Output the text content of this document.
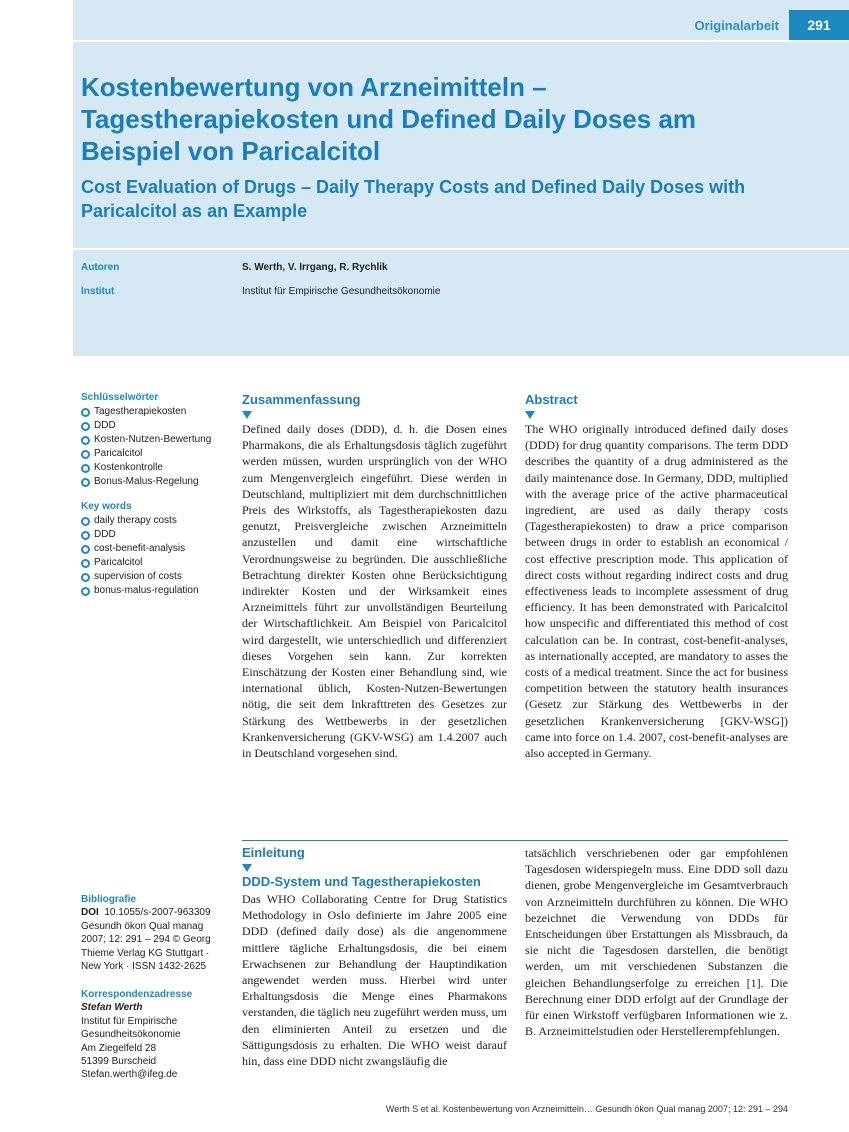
Originalarbeit	291
Kostenbewertung von Arzneimitteln – Tagestherapiekosten und Defined Daily Doses am Beispiel von Paricalcitol
Cost Evaluation of Drugs – Daily Therapy Costs and Defined Daily Doses with Paricalcitol as an Example
Autoren	S. Werth, V. Irrgang, R. Rychlik
Institut	Institut für Empirische Gesundheitsökonomie

Schlüsselwörter

Tagestherapiekosten
DDD
Kosten-Nutzen-Bewertung
Paricalcitol
Kostenkontrolle
Bonus-Malus-Regelung

Key words

daily therapy costs
DDD
cost-benefit-analysis
Paricalcitol
supervision of costs
bonus-malus-regulation
Zusammenfassung

Defined daily doses (DDD), d. h. die Dosen eines Pharmakons, die als Erhaltungsdosis täglich zugeführt werden müssen, wurden ursprünglich von der WHO zum Mengenvergleich eingeführt. Diese werden in Deutschland, multipliziert mit dem durchschnittlichen Preis des Wirkstoffs, als Tagestherapiekosten dazu genutzt, Preisvergleiche zwischen Arzneimitteln anzustellen und damit eine wirtschaftliche Verordnungsweise zu begründen. Die ausschließliche Betrachtung direkter Kosten ohne Berücksichtigung indirekter Kosten und der Wirksamkeit eines Arzneimittels führt zur unvollständigen Beurteilung der Wirtschaftlichkeit. Am Beispiel von Paricalcitol wird dargestellt, wie unterschiedlich und differenziert dieses Vorgehen sein kann. Zur korrekten Einschätzung der Kosten einer Behandlung sind, wie international üblich, Kosten-Nutzen-Bewertungen nötig, die seit dem Inkrafttreten des Gesetzes zur Stärkung des Wettbewerbs in der gesetzlichen Krankenversicherung (GKV-WSG) am 1.4.2007 auch in Deutschland vorgesehen sind.

Abstract

The WHO originally introduced defined daily doses (DDD) for drug quantity comparisons. The term DDD describes the quantity of a drug administered as the daily maintenance dose. In Germany, DDD, multiplied with the average price of the active pharmaceutical ingredient, are used as daily therapy costs (Tagestherapiekosten) to draw a price comparison between drugs in order to establish an economical / cost effective prescription mode. This application of direct costs without regarding indirect costs and drug effectiveness leads to incomplete assessment of drug efficiency. It has been demonstrated with Paricalcitol how unspecific and differentiated this method of cost calculation can be. In contrast, cost-benefit-analyses, as internationally accepted, are mandatory to asses the costs of a medical treatment. Since the act for business competition between the statutory health insurances (Gesetz zur Stärkung des Wettbewerbs in der gesetzlichen Krankenversicherung [GKV-WSG]) came into force on 1.4. 2007, cost-benefit-analyses are also accepted in Germany.

Einleitung
DDD-System und Tagestherapiekosten

Das WHO Collaborating Centre for Drug Statistics Methodology in Oslo definierte im Jahre 2005 eine DDD (defined daily dose) als die angenommene mittlere tägliche Erhaltungsdosis, die bei einem Erwachsenen zur Behandlung der Hauptindikation angewendet werden muss. Hierbei wird unter Erhaltungsdosis die Menge eines Pharmakons verstanden, die täglich neu zugeführt werden muss, um den eliminierten Anteil zu ersetzen und die Sättigungsdosis zu erhalten. Die WHO weist darauf hin, dass eine DDD nicht zwangsläufig die

tatsächlich verschriebenen oder gar empfohlenen Tagesdosen widerspiegeln muss. Eine DDD soll dazu dienen, grobe Mengenvergleiche im Gesamtverbrauch von Arzneimitteln durchführen zu können. Die WHO bezeichnet die Verwendung von DDDs für Entscheidungen über Erstattungen als Missbrauch, da sie nicht die Tagesdosen darstellen, die benötigt werden, um mit verschiedenen Substanzen die gleichen Behandlungserfolge zu erreichen [1]. Die Berechnung einer DDD erfolgt auf der Grundlage der für einen Wirkstoff verfügbaren Informationen wie z. B. Arzneimittelstudien oder Herstellerempfehlungen.

Bibliografie

DOI 10.1055/s-2007-963309

Gesundh ökon Qual manag

2007; 12: 291 – 294 © Georg

Thieme Verlag KG Stuttgart ·

New York · ISSN 1432-2625

Korrespondenzadresse

Stefan Werth

Institut für Empirische

Gesundheitsökonomie

Am Ziegelfeld 28

51399 Burscheid

Stefan.werth@ifeg.de

Werth S et al. Kostenbewertung von Arzneimitteln… Gesundh ökon Qual manag 2007; 12: 291 – 294
